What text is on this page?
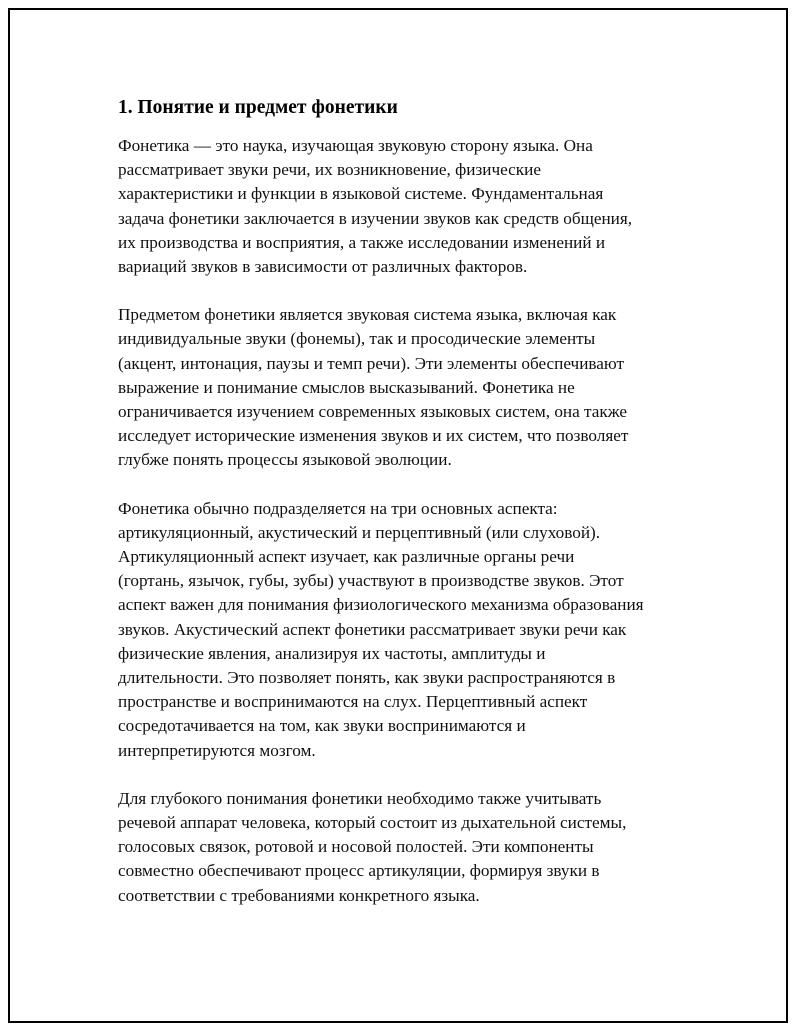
1. Понятие и предмет фонетики

Фонетика — это наука, изучающая звуковую сторону языка. Она
рассматривает звуки речи, их возникновение, физические
характеристики и функции в языковой системе. Фундаментальная
задача фонетики заключается в изучении звуков как средств общения,
их производства и восприятия, а также исследовании изменений и
вариаций звуков в зависимости от различных факторов.

Предметом фонетики является звуковая система языка, включая как
индивидуальные звуки (фонемы), так и просодические элементы
(акцент, интонация, паузы и темп речи). Эти элементы обеспечивают
выражение и понимание смыслов высказываний. Фонетика не
ограничивается изучением современных языковых систем, она также
исследует исторические изменения звуков и их систем, что позволяет
глубже понять процессы языковой эволюции.

Фонетика обычно подразделяется на три основных аспекта:
артикуляционный, акустический и перцептивный (или слуховой).
Артикуляционный аспект изучает, как различные органы речи
(гортань, язычок, губы, зубы) участвуют в производстве звуков. Этот
аспект важен для понимания физиологического механизма образования
звуков. Акустический аспект фонетики рассматривает звуки речи как
физические явления, анализируя их частоты, амплитуды и
длительности. Это позволяет понять, как звуки распространяются в
пространстве и воспринимаются на слух. Перцептивный аспект
сосредотачивается на том, как звуки воспринимаются и
интерпретируются мозгом.

Для глубокого понимания фонетики необходимо также учитывать
речевой аппарат человека, который состоит из дыхательной системы,
голосовых связок, ротовой и носовой полостей. Эти компоненты
совместно обеспечивают процесс артикуляции, формируя звуки в
соответствии с требованиями конкретного языка.
